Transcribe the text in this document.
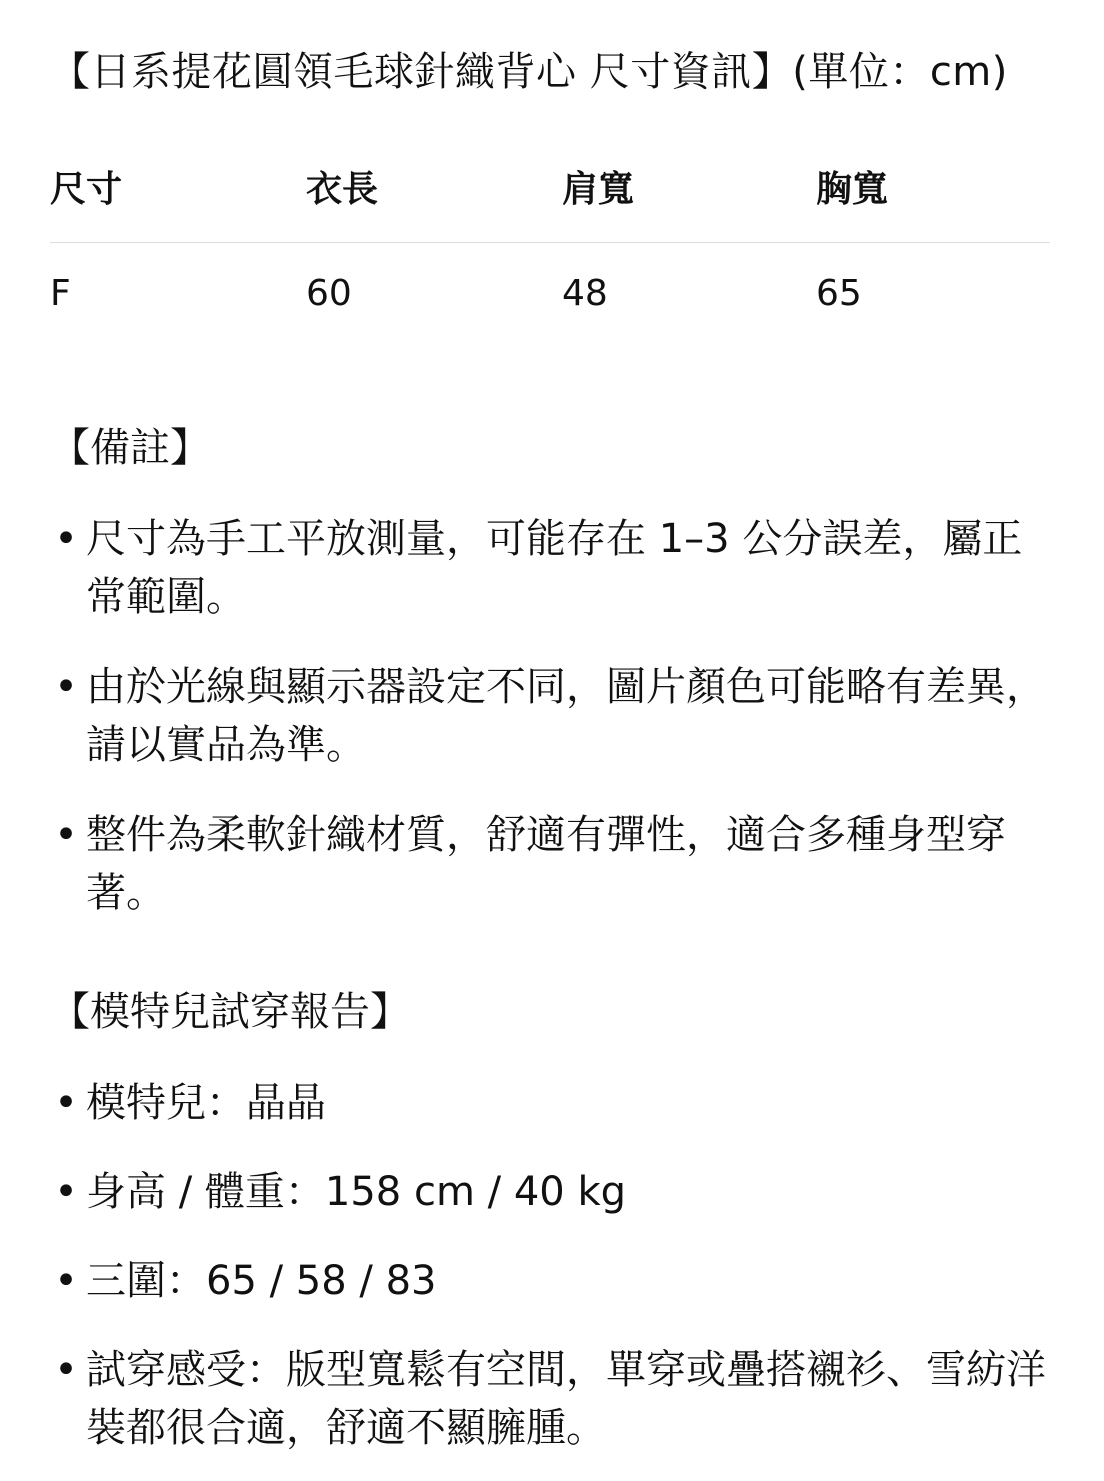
【日系提花圓領毛球針織背心 尺寸資訊】(單位：cm)
尺寸	衣長	肩寬	胸寬
F	60	48	65
【備註】
• 尺寸為手工平放測量，可能存在 1–3 公分誤差，屬正常範圍。
• 由於光線與顯示器設定不同，圖片顏色可能略有差異，請以實品為準。
• 整件為柔軟針織材質，舒適有彈性，適合多種身型穿著。
【模特兒試穿報告】
• 模特兒：晶晶
• 身高 / 體重：158 cm / 40 kg
• 三圍：65 / 58 / 83
• 試穿感受：版型寬鬆有空間，單穿或疊搭襯衫、雪紡洋裝都很合適，舒適不顯臃腫。
